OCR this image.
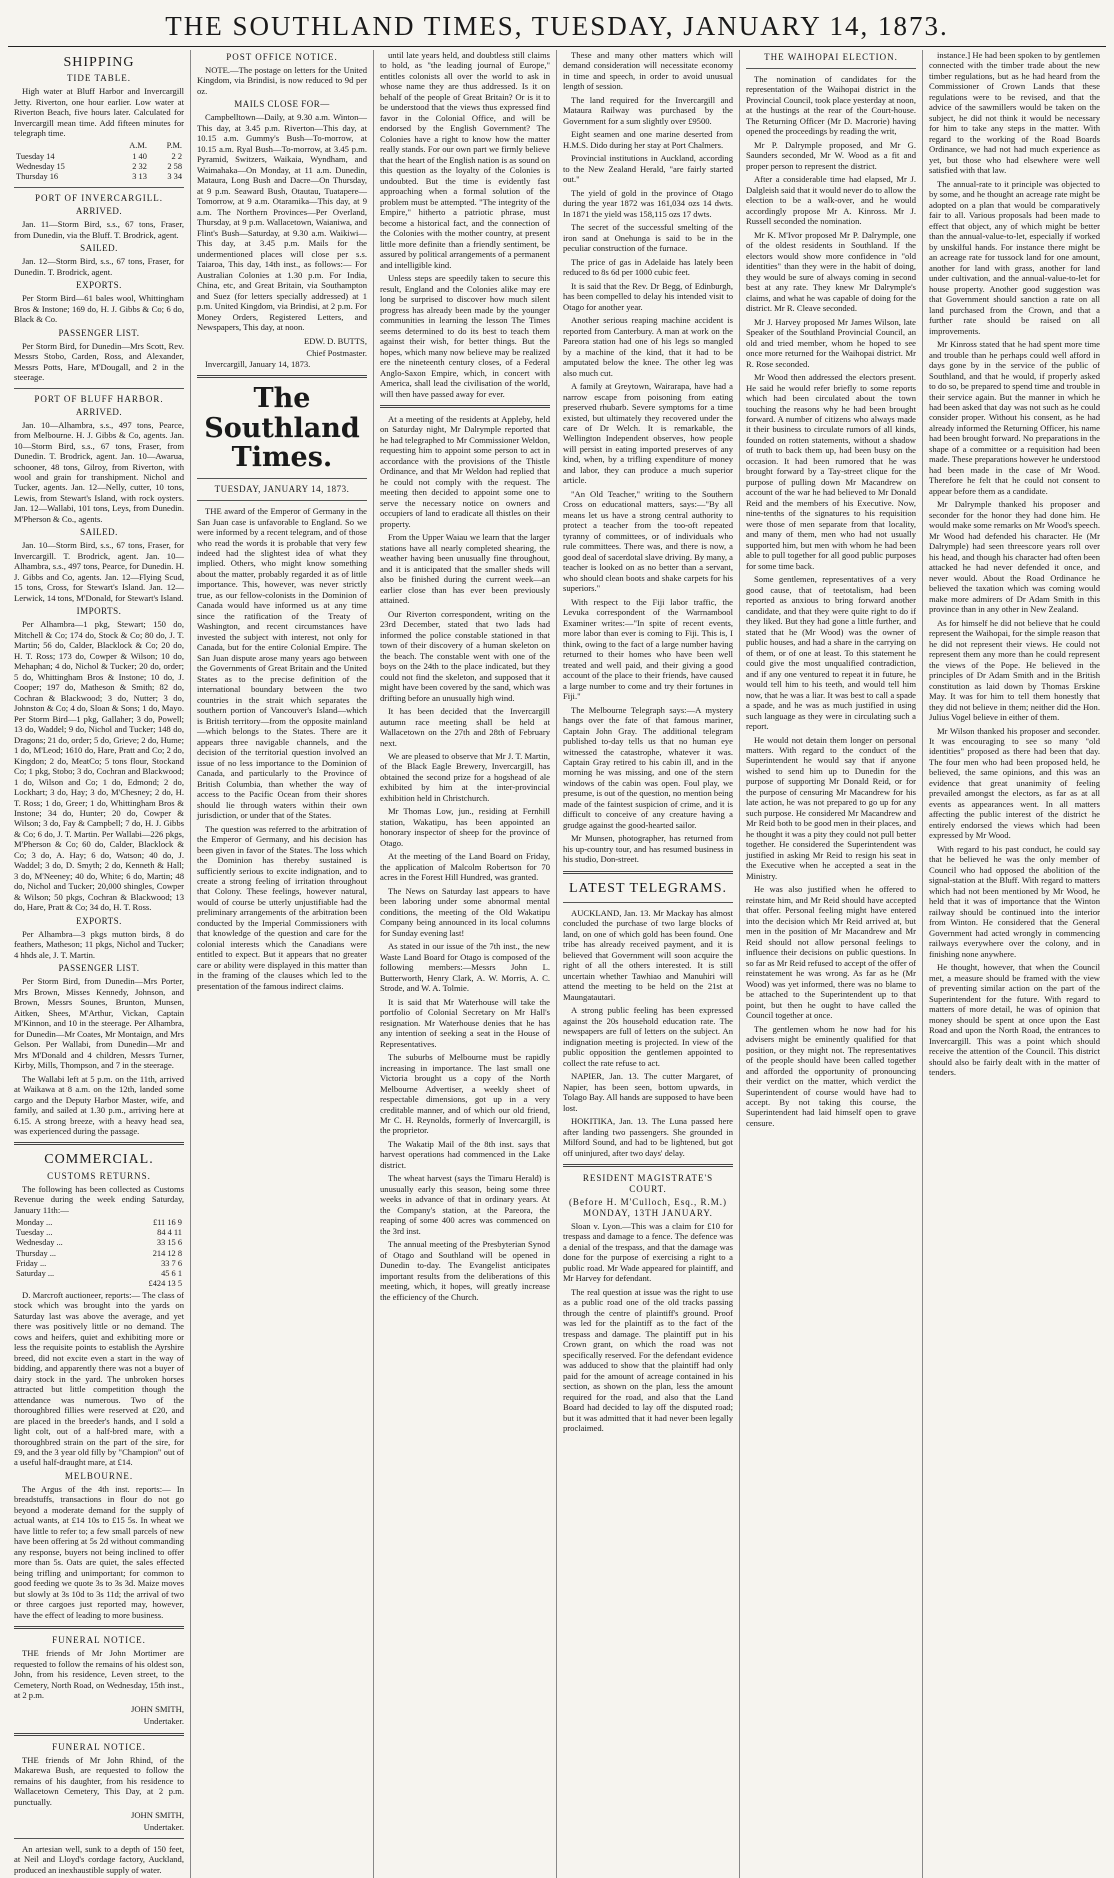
THE SOUTHLAND TIMES, TUESDAY, JANUARY 14, 1873.
SHIPPING
TIDE TABLE.

High water at Bluff Harbor and Invercargill Jetty. Riverton, one hour earlier. Low water at Riverton Beach, five hours later. Calculated for Invercargill mean time. Add fifteen minutes for telegraph time.

	A.M.	P.M.
Tuesday 14	1 40	2 2
Wednesday 15	2 32	2 58
Thursday 16	3 13	3 34
PORT OF INVERCARGILL.
ARRIVED.

Jan. 11—Storm Bird, s.s., 67 tons, Fraser, from Dunedin, via the Bluff. T. Brodrick, agent.

SAILED.

Jan. 12—Storm Bird, s.s., 67 tons, Fraser, for Dunedin. T. Brodrick, agent.

EXPORTS.

Per Storm Bird—61 bales wool, Whittingham Bros & Instone; 169 do, H. J. Gibbs & Co; 6 do, Black & Co.

PASSENGER LIST.

Per Storm Bird, for Dunedin—Mrs Scott, Rev. Messrs Stobo, Carden, Ross, and Alexander, Messrs Potts, Hare, M'Dougall, and 2 in the steerage.

PORT OF BLUFF HARBOR.
ARRIVED.

Jan. 10—Alhambra, s.s., 497 tons, Pearce, from Melbourne. H. J. Gibbs & Co, agents. Jan. 10—Storm Bird, s.s., 67 tons, Fraser, from Dunedin. T. Brodrick, agent. Jan. 10—Awarua, schooner, 48 tons, Gilroy, from Riverton, with wool and grain for transhipment. Nichol and Tucker, agents. Jan. 12—Nelly, cutter, 10 tons, Lewis, from Stewart's Island, with rock oysters. Jan. 12—Wallabi, 101 tons, Leys, from Dunedin. M'Pherson & Co., agents.

SAILED.

Jan. 10—Storm Bird, s.s., 67 tons, Fraser, for Invercargill. T. Brodrick, agent. Jan. 10—Alhambra, s.s., 497 tons, Pearce, for Dunedin. H. J. Gibbs and Co, agents. Jan. 12—Flying Scud, 15 tons, Cross, for Stewart's Island. Jan. 12—Lerwick, 14 tons, M'Donald, for Stewart's Island.

IMPORTS.

Per Alhambra—1 pkg, Stewart; 150 do, Mitchell & Co; 174 do, Stock & Co; 80 do, J. T. Martin; 56 do, Calder, Blacklock & Co; 20 do, H. T. Ross; 173 do, Cowper & Wilson; 10 do, Mehaphan; 4 do, Nichol & Tucker; 20 do, order; 5 do, Whittingham Bros & Instone; 10 do, J. Cooper; 197 do, Matheson & Smith; 82 do, Cochran & Blackwood; 3 do, Nutter; 3 do, Johnston & Co; 4 do, Sloan & Sons; 1 do, Mayo. Per Storm Bird—1 pkg, Gallaher; 3 do, Powell; 13 do, Waddel; 9 do, Nichol and Tucker; 148 do, Dragons; 21 do, order; 5 do, Grieve; 2 do, Hume; 1 do, M'Leod; 1610 do, Hare, Pratt and Co; 2 do, Kingdon; 2 do, MeatCo; 5 tons flour, Stockand Co; 1 pkg, Stobo; 3 do, Cochran and Blackwood; 1 do, Wilson and Co; 1 do, Edmond; 2 do, Lockhart; 3 do, Hay; 3 do, M'Chesney; 2 do, H. T. Ross; 1 do, Greer; 1 do, Whittingham Bros & Instone; 34 do, Hunter; 20 do, Cowper & Wilson; 3 do, Fay & Campbell; 7 do, H. J. Gibbs & Co; 6 do, J. T. Martin. Per Wallabi—226 pkgs, M'Pherson & Co; 60 do, Calder, Blacklock & Co; 3 do, A. Hay; 6 do, Watson; 40 do, J. Waddel; 3 do, D. Smyth; 2 do, Kenneth & Hall; 3 do, M'Neeney; 40 do, White; 6 do, Martin; 48 do, Nichol and Tucker; 20,000 shingles, Cowper & Wilson; 50 pkgs, Cochran & Blackwood; 13 do, Hare, Pratt & Co; 34 do, H. T. Ross.

EXPORTS.

Per Alhambra—3 pkgs mutton birds, 8 do feathers, Matheson; 11 pkgs, Nichol and Tucker; 4 hhds ale, J. T. Martin.

PASSENGER LIST.

Per Storm Bird, from Dunedin—Mrs Porter, Mrs Brown, Misses Kennedy, Johnson, and Brown, Messrs Sounes, Brunton, Munsen, Aitken, Shees, M'Arthur, Vickan, Captain M'Kinnon, and 10 in the steerage. Per Alhambra, for Dunedin—Mr Coates, Mr Montaign, and Mrs Gelson. Per Wallabi, from Dunedin—Mr and Mrs M'Donald and 4 children, Messrs Turner, Kirby, Mills, Thompson, and 7 in the steerage.

The Wallabi left at 5 p.m. on the 11th, arrived at Waikawa at 8 a.m. on the 12th, landed some cargo and the Deputy Harbor Master, wife, and family, and sailed at 1.30 p.m., arriving here at 6.15. A strong breeze, with a heavy head sea, was experienced during the passage.

COMMERCIAL.
CUSTOMS RETURNS.

The following has been collected as Customs Revenue during the week ending Saturday, January 11th:—

Monday ...	£11 16 9
Tuesday ...	84 4 11
Wednesday ...	33 15 6
Thursday ...	214 12 8
Friday ...	33 7 6
Saturday ...	45 6 1
	£424 13 5

D. Marcroft auctioneer, reports:— The class of stock which was brought into the yards on Saturday last was above the average, and yet there was positively little or no demand. The cows and heifers, quiet and exhibiting more or less the requisite points to establish the Ayrshire breed, did not excite even a start in the way of bidding, and apparently there was not a buyer of dairy stock in the yard. The unbroken horses attracted but little competition though the attendance was numerous. Two of the thoroughbred fillies were reserved at £20, and are placed in the breeder's hands, and I sold a light colt, out of a half-bred mare, with a thoroughbred strain on the part of the sire, for £9, and the 3 year old filly by "Champion" out of a useful half-draught mare, at £14.

MELBOURNE.

The Argus of the 4th inst. reports:— In breadstuffs, transactions in flour do not go beyond a moderate demand for the supply of actual wants, at £14 10s to £15 5s. In wheat we have little to refer to; a few small parcels of new have been offering at 5s 2d without commanding any response, buyers not being inclined to offer more than 5s. Oats are quiet, the sales effected being trifling and unimportant; for common to good feeding we quote 3s to 3s 3d. Maize moves but slowly at 3s 10d to 3s 11d; the arrival of two or three cargoes just reported may, however, have the effect of leading to more business.

FUNERAL NOTICE.

THE friends of Mr John Mortimer are requested to follow the remains of his oldest son, John, from his residence, Leven street, to the Cemetery, North Road, on Wednesday, 15th inst., at 2 p.m.

JOHN SMITH,
Undertaker.
FUNERAL NOTICE.

THE friends of Mr John Rhind, of the Makarewa Bush, are requested to follow the remains of his daughter, from his residence to Wallacetown Cemetery, This Day, at 2 p.m. punctually.

JOHN SMITH,
Undertaker.

An artesian well, sunk to a depth of 150 feet, at Neil and Lloyd's cordage factory, Auckland, produced an inexhaustible supply of water.

POST OFFICE NOTICE.

NOTE.—The postage on letters for the United Kingdom, via Brindisi, is now reduced to 9d per oz.

MAILS CLOSE FOR—

Campbelltown—Daily, at 9.30 a.m. Winton—This day, at 3.45 p.m. Riverton—This day, at 10.15 a.m. Gummy's Bush—To-morrow, at 10.15 a.m. Ryal Bush—To-morrow, at 3.45 p.m. Pyramid, Switzers, Waikaia, Wyndham, and Waimahaka—On Monday, at 11 a.m. Dunedin, Mataura, Long Bush and Dacre—On Thursday, at 9 p.m. Seaward Bush, Otautau, Tuatapere—Tomorrow, at 9 a.m. Otaramika—This day, at 9 a.m. The Northern Provinces—Per Overland, Thursday, at 9 p.m. Wallacetown, Waianiwa, and Flint's Bush—Saturday, at 9.30 a.m. Waikiwi—This day, at 3.45 p.m. Mails for the undermentioned places will close per s.s. Taiaroa, This day, 14th inst., as follows:— For Australian Colonies at 1.30 p.m. For India, China, etc, and Great Britain, via Southampton and Suez (for letters specially addressed) at 1 p.m. United Kingdom, via Brindisi, at 2 p.m. For Money Orders, Registered Letters, and Newspapers, This day, at noon.

EDW. D. BUTTS,
Chief Postmaster.

Invercargill, January 14, 1873.

The Southland Times.
TUESDAY, JANUARY 14, 1873.

THE award of the Emperor of Germany in the San Juan case is unfavorable to England. So we were informed by a recent telegram, and of those who read the words it is probable that very few indeed had the slightest idea of what they implied. Others, who might know something about the matter, probably regarded it as of little importance. This, however, was never strictly true, as our fellow-colonists in the Dominion of Canada would have informed us at any time since the ratification of the Treaty of Washington, and recent circumstances have invested the subject with interest, not only for Canada, but for the entire Colonial Empire. The San Juan dispute arose many years ago between the Governments of Great Britain and the United States as to the precise definition of the international boundary between the two countries in the strait which separates the southern portion of Vancouver's Island—which is British territory—from the opposite mainland—which belongs to the States. There are it appears three navigable channels, and the decision of the territorial question involved an issue of no less importance to the Dominion of Canada, and particularly to the Province of British Columbia, than whether the way of access to the Pacific Ocean from their shores should lie through waters within their own jurisdiction, or under that of the States.

The question was referred to the arbitration of the Emperor of Germany, and his decision has been given in favor of the States. The loss which the Dominion has thereby sustained is sufficiently serious to excite indignation, and to create a strong feeling of irritation throughout that Colony. These feelings, however natural, would of course be utterly unjustifiable had the preliminary arrangements of the arbitration been conducted by the Imperial Commissioners with that knowledge of the question and care for the colonial interests which the Canadians were entitled to expect. But it appears that no greater care or ability were displayed in this matter than in the framing of the clauses which led to the presentation of the famous indirect claims.

until late years held, and doubtless still claims to hold, as "the leading journal of Europe," entitles colonists all over the world to ask in whose name they are thus addressed. Is it on behalf of the people of Great Britain? Or is it to be understood that the views thus expressed find favor in the Colonial Office, and will be endorsed by the English Government? The Colonies have a right to know how the matter really stands. For our own part we firmly believe that the heart of the English nation is as sound on this question as the loyalty of the Colonies is undoubted. But the time is evidently fast approaching when a formal solution of the problem must be attempted. "The integrity of the Empire," hitherto a patriotic phrase, must become a historical fact, and the connection of the Colonies with the mother country, at present little more definite than a friendly sentiment, be assured by political arrangements of a permanent and intelligible kind.

Unless steps are speedily taken to secure this result, England and the Colonies alike may ere long be surprised to discover how much silent progress has already been made by the younger communities in learning the lesson The Times seems determined to do its best to teach them against their wish, for better things. But the hopes, which many now believe may be realized ere the nineteenth century closes, of a Federal Anglo-Saxon Empire, which, in concert with America, shall lead the civilisation of the world, will then have passed away for ever.

At a meeting of the residents at Appleby, held on Saturday night, Mr Dalrymple reported that he had telegraphed to Mr Commissioner Weldon, requesting him to appoint some person to act in accordance with the provisions of the Thistle Ordinance, and that Mr Weldon had replied that he could not comply with the request. The meeting then decided to appoint some one to serve the necessary notice on owners and occupiers of land to eradicate all thistles on their property.

From the Upper Waiau we learn that the larger stations have all nearly completed shearing, the weather having been unusually fine throughout, and it is anticipated that the smaller sheds will also be finished during the current week—an earlier close than has ever been previously attained.

Our Riverton correspondent, writing on the 23rd December, stated that two lads had informed the police constable stationed in that town of their discovery of a human skeleton on the beach. The constable went with one of the boys on the 24th to the place indicated, but they could not find the skeleton, and supposed that it might have been covered by the sand, which was drifting before an unusually high wind.

It has been decided that the Invercargill autumn race meeting shall be held at Wallacetown on the 27th and 28th of February next.

We are pleased to observe that Mr J. T. Martin, of the Black Eagle Brewery, Invercargill, has obtained the second prize for a hogshead of ale exhibited by him at the inter-provincial exhibition held in Christchurch.

Mr Thomas Low, jun., residing at Fernhill station, Wakatipu, has been appointed an honorary inspector of sheep for the province of Otago.

At the meeting of the Land Board on Friday, the application of Malcolm Robertson for 70 acres in the Forest Hill Hundred, was granted.

The News on Saturday last appears to have been laboring under some abnormal mental conditions, the meeting of the Old Wakatipu Company being announced in its local columns for Sunday evening last!

As stated in our issue of the 7th inst., the new Waste Land Board for Otago is composed of the following members:—Messrs John L. Butterworth, Henry Clark, A. W. Morris, A. C. Strode, and W. A. Tolmie.

It is said that Mr Waterhouse will take the portfolio of Colonial Secretary on Mr Hall's resignation. Mr Waterhouse denies that he has any intention of seeking a seat in the House of Representatives.

The suburbs of Melbourne must be rapidly increasing in importance. The last small one Victoria brought us a copy of the North Melbourne Advertiser, a weekly sheet of respectable dimensions, got up in a very creditable manner, and of which our old friend, Mr C. H. Reynolds, formerly of Invercargill, is the proprietor.

The Wakatip Mail of the 8th inst. says that harvest operations had commenced in the Lake district.

The wheat harvest (says the Timaru Herald) is unusually early this season, being some three weeks in advance of that in ordinary years. At the Company's station, at the Pareora, the reaping of some 400 acres was commenced on the 3rd inst.

The annual meeting of the Presbyterian Synod of Otago and Southland will be opened in Dunedin to-day. The Evangelist anticipates important results from the deliberations of this meeting, which, it hopes, will greatly increase the efficiency of the Church.

These and many other matters which will demand consideration will necessitate economy in time and speech, in order to avoid unusual length of session.

The land required for the Invercargill and Mataura Railway was purchased by the Government for a sum slightly over £9500.

Eight seamen and one marine deserted from H.M.S. Dido during her stay at Port Chalmers.

Provincial institutions in Auckland, according to the New Zealand Herald, "are fairly started out."

The yield of gold in the province of Otago during the year 1872 was 161,034 ozs 14 dwts. In 1871 the yield was 158,115 ozs 17 dwts.

The secret of the successful smelting of the iron sand at Onehunga is said to be in the peculiar construction of the furnace.

The price of gas in Adelaide has lately been reduced to 8s 6d per 1000 cubic feet.

It is said that the Rev. Dr Begg, of Edinburgh, has been compelled to delay his intended visit to Otago for another year.

Another serious reaping machine accident is reported from Canterbury. A man at work on the Pareora station had one of his legs so mangled by a machine of the kind, that it had to be amputated below the knee. The other leg was also much cut.

A family at Greytown, Wairarapa, have had a narrow escape from poisoning from eating preserved rhubarb. Severe symptoms for a time existed, but ultimately they recovered under the care of Dr Welch. It is remarkable, the Wellington Independent observes, how people will persist in eating imported preserves of any kind, when, by a trifling expenditure of money and labor, they can produce a much superior article.

"An Old Teacher," writing to the Southern Cross on educational matters, says:—"By all means let us have a strong central authority to protect a teacher from the too-oft repeated tyranny of committees, or of individuals who rule committees. There was, and there is now, a good deal of sacerdotal slave driving. By many, a teacher is looked on as no better than a servant, who should clean boots and shake carpets for his superiors."

With respect to the Fiji labor traffic, the Levuka correspondent of the Warrnambool Examiner writes:—"In spite of recent events, more labor than ever is coming to Fiji. This is, I think, owing to the fact of a large number having returned to their homes who have been well treated and well paid, and their giving a good account of the place to their friends, have caused a large number to come and try their fortunes in Fiji."

The Melbourne Telegraph says:—A mystery hangs over the fate of that famous mariner, Captain John Gray. The additional telegram published to-day tells us that no human eye witnessed the catastrophe, whatever it was. Captain Gray retired to his cabin ill, and in the morning he was missing, and one of the stern windows of the cabin was open. Foul play, we presume, is out of the question, no mention being made of the faintest suspicion of crime, and it is difficult to conceive of any creature having a grudge against the good-hearted sailor.

Mr Munsen, photographer, has returned from his up-country tour, and has resumed business in his studio, Don-street.

LATEST TELEGRAMS.

AUCKLAND, Jan. 13. Mr Mackay has almost concluded the purchase of two large blocks of land, on one of which gold has been found. One tribe has already received payment, and it is believed that Government will soon acquire the right of all the others interested. It is still uncertain whether Tawhiao and Manuhiri will attend the meeting to be held on the 21st at Maungatautari.

A strong public feeling has been expressed against the 20s household education rate. The newspapers are full of letters on the subject. An indignation meeting is projected. In view of the public opposition the gentlemen appointed to collect the rate refuse to act.

NAPIER, Jan. 13. The cutter Margaret, of Napier, has been seen, bottom upwards, in Tolago Bay. All hands are supposed to have been lost.

HOKITIKA, Jan. 13. The Luna passed here after landing two passengers. She grounded in Milford Sound, and had to be lightened, but got off uninjured, after two days' delay.

RESIDENT MAGISTRATE'S COURT.
(Before H. M'Culloch, Esq., R.M.) MONDAY, 13TH JANUARY.

Sloan v. Lyon.—This was a claim for £10 for trespass and damage to a fence. The defence was a denial of the trespass, and that the damage was done for the purpose of exercising a right to a public road. Mr Wade appeared for plaintiff, and Mr Harvey for defendant.

The real question at issue was the right to use as a public road one of the old tracks passing through the centre of plaintiff's ground. Proof was led for the plaintiff as to the fact of the trespass and damage. The plaintiff put in his Crown grant, on which the road was not specifically reserved. For the defendant evidence was adduced to show that the plaintiff had only paid for the amount of acreage contained in his section, as shown on the plan, less the amount required for the road, and also that the Land Board had decided to lay off the disputed road; but it was admitted that it had never been legally proclaimed.

THE WAIHOPAI ELECTION.

The nomination of candidates for the representation of the Waihopai district in the Provincial Council, took place yesterday at noon, at the hustings at the rear of the Court-house. The Returning Officer (Mr D. Macrorie) having opened the proceedings by reading the writ,

Mr P. Dalrymple proposed, and Mr G. Saunders seconded, Mr W. Wood as a fit and proper person to represent the district.

After a considerable time had elapsed, Mr J. Dalgleish said that it would never do to allow the election to be a walk-over, and he would accordingly propose Mr A. Kinross. Mr J. Russell seconded the nomination.

Mr K. M'Ivor proposed Mr P. Dalrymple, one of the oldest residents in Southland. If the electors would show more confidence in "old identities" than they were in the habit of doing, they would be sure of always coming in second best at any rate. They knew Mr Dalrymple's claims, and what he was capable of doing for the district. Mr R. Cleave seconded.

Mr J. Harvey proposed Mr James Wilson, late Speaker of the Southland Provincial Council, an old and tried member, whom he hoped to see once more returned for the Waihopai district. Mr R. Rose seconded.

Mr Wood then addressed the electors present. He said he would refer briefly to some reports which had been circulated about the town touching the reasons why he had been brought forward. A number of citizens who always made it their business to circulate rumors of all kinds, founded on rotten statements, without a shadow of truth to back them up, had been busy on the occasion. It had been rumored that he was brought forward by a Tay-street clique for the purpose of pulling down Mr Macandrew on account of the war he had believed to Mr Donald Reid and the members of his Executive. Now, nine-tenths of the signatures to his requisition were those of men separate from that locality, and many of them, men who had not usually supported him, but men with whom he had been able to pull together for all good public purposes for some time back.

Some gentlemen, representatives of a very good cause, that of teetotalism, had been reported as anxious to bring forward another candidate, and that they were quite right to do if they liked. But they had gone a little further, and stated that he (Mr Wood) was the owner of public houses, and had a share in the carrying on of them, or of one at least. To this statement he could give the most unqualified contradiction, and if any one ventured to repeat it in future, he would tell him to his teeth, and would tell him now, that he was a liar. It was best to call a spade a spade, and he was as much justified in using such language as they were in circulating such a report.

He would not detain them longer on personal matters. With regard to the conduct of the Superintendent he would say that if anyone wished to send him up to Dunedin for the purpose of supporting Mr Donald Reid, or for the purpose of censuring Mr Macandrew for his late action, he was not prepared to go up for any such purpose. He considered Mr Macandrew and Mr Reid both to be good men in their places, and he thought it was a pity they could not pull better together. He considered the Superintendent was justified in asking Mr Reid to resign his seat in the Executive when he accepted a seat in the Ministry.

He was also justified when he offered to reinstate him, and Mr Reid should have accepted that offer. Personal feeling might have entered into the decision which Mr Reid arrived at, but men in the position of Mr Macandrew and Mr Reid should not allow personal feelings to influence their decisions on public questions. In so far as Mr Reid refused to accept of the offer of reinstatement he was wrong. As far as he (Mr Wood) was yet informed, there was no blame to be attached to the Superintendent up to that point, but then he ought to have called the Council together at once.

The gentlemen whom he now had for his advisers might be eminently qualified for that position, or they might not. The representatives of the people should have been called together and afforded the opportunity of pronouncing their verdict on the matter, which verdict the Superintendent of course would have had to accept. By not taking this course, the Superintendent had laid himself open to grave censure.

instance.] He had been spoken to by gentlemen connected with the timber trade about the new timber regulations, but as he had heard from the Commissioner of Crown Lands that these regulations were to be revised, and that the advice of the sawmillers would be taken on the subject, he did not think it would be necessary for him to take any steps in the matter. With regard to the working of the Road Boards Ordinance, we had not had much experience as yet, but those who had elsewhere were well satisfied with that law.

The annual-rate to it principle was objected to by some, and he thought an acreage rate might be adopted on a plan that would be comparatively fair to all. Various proposals had been made to effect that object, any of which might be better than the annual-value-to-let, especially if worked by unskilful hands. For instance there might be an acreage rate for tussock land for one amount, another for land with grass, another for land under cultivation, and the annual-value-to-let for house property. Another good suggestion was that Government should sanction a rate on all land purchased from the Crown, and that a further rate should be raised on all improvements.

Mr Kinross stated that he had spent more time and trouble than he perhaps could well afford in days gone by in the service of the public of Southland, and that he would, if properly asked to do so, be prepared to spend time and trouble in their service again. But the manner in which he had been asked that day was not such as he could consider proper. Without his consent, as he had already informed the Returning Officer, his name had been brought forward. No preparations in the shape of a committee or a requisition had been made. These preparations however he understood had been made in the case of Mr Wood. Therefore he felt that he could not consent to appear before them as a candidate.

Mr Dalrymple thanked his proposer and seconder for the honor they had done him. He would make some remarks on Mr Wood's speech. Mr Wood had defended his character. He (Mr Dalrymple) had seen threescore years roll over his head, and though his character had often been attacked he had never defended it once, and never would. About the Road Ordinance he believed the taxation which was coming would make more admirers of Dr Adam Smith in this province than in any other in New Zealand.

As for himself he did not believe that he could represent the Waihopai, for the simple reason that he did not represent their views. He could not represent them any more than he could represent the views of the Pope. He believed in the principles of Dr Adam Smith and in the British constitution as laid down by Thomas Erskine May. It was for him to tell them honestly that they did not believe in them; neither did the Hon. Julius Vogel believe in either of them.

Mr Wilson thanked his proposer and seconder. It was encouraging to see so many "old identities" proposed as there had been that day. The four men who had been proposed held, he believed, the same opinions, and this was an evidence that great unanimity of feeling prevailed amongst the electors, as far as at all events as appearances went. In all matters affecting the public interest of the district he entirely endorsed the views which had been expressed by Mr Wood.

With regard to his past conduct, he could say that he believed he was the only member of Council who had opposed the abolition of the signal-station at the Bluff. With regard to matters which had not been mentioned by Mr Wood, he held that it was of importance that the Winton railway should be continued into the interior from Winton. He considered that the General Government had acted wrongly in commencing railways everywhere over the colony, and in finishing none anywhere.

He thought, however, that when the Council met, a measure should be framed with the view of preventing similar action on the part of the Superintendent for the future. With regard to matters of more detail, he was of opinion that money should be spent at once upon the East Road and upon the North Road, the entrances to Invercargill. This was a point which should receive the attention of the Council. This district should also be fairly dealt with in the matter of tenders.
